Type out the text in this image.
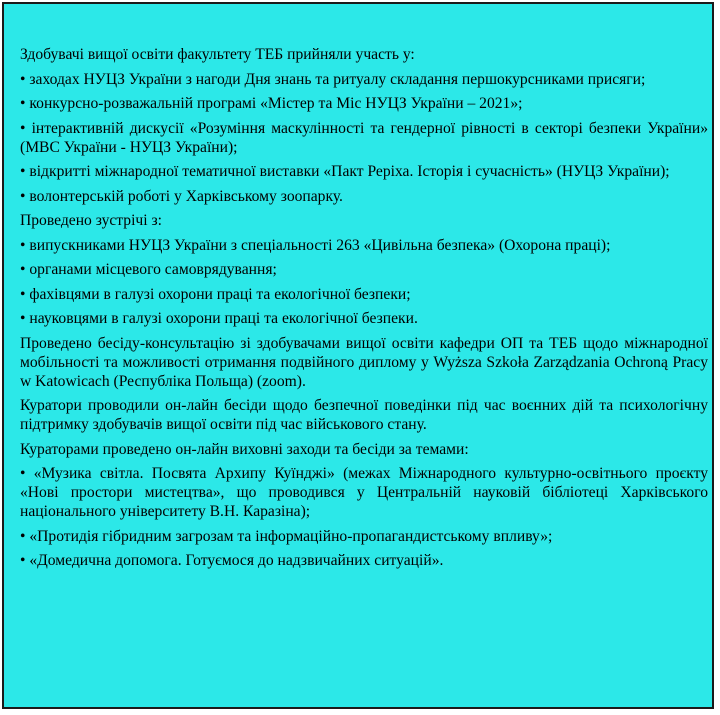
Здобувачі вищої освіти факультету ТЕБ прийняли участь у:

• заходах НУЦЗ України з нагоди Дня знань та ритуалу складання першокурсниками присяги;

• конкурсно-розважальній програмі «Містер та Міс НУЦЗ України – 2021»;

• інтерактивній дискусії «Розуміння маскулінності та гендерної рівності в секторі безпеки України» (МВС України - НУЦЗ України);

• відкритті міжнародної тематичної виставки «Пакт Реріха. Історія і сучасність» (НУЦЗ України);

• волонтерській роботі у Харківському зоопарку.

Проведено зустрічі з:

• випускниками НУЦЗ України з спеціальності 263 «Цивільна безпека» (Охорона праці);

• органами місцевого самоврядування;

• фахівцями в галузі охорони праці та екологічної безпеки;

• науковцями в галузі охорони праці та екологічної безпеки.

Проведено бесіду-консультацію зі здобувачами вищої освіти кафедри ОП та ТЕБ щодо міжнародної мобільності та можливості отримання подвійного диплому у Wyższa Szkoła Zarządzania Ochroną Pracy w Katowicach (Республіка Польща) (zoom).

Куратори проводили он-лайн бесіди щодо безпечної поведінки під час воєнних дій та психологічну підтримку здобувачів вищої освіти під час військового стану.

Кураторами проведено он-лайн виховні заходи та бесіди за темами:

• «Музика світла. Посвята Архипу Куїнджі» (межах Міжнародного культурно-освітнього проєкту «Нові простори мистецтва», що проводився у Центральній науковій бібліотеці Харківського національного університету В.Н. Каразіна);

• «Протидія гібридним загрозам та інформаційно-пропагандистському впливу»;

• «Домедична допомога. Готуємося до надзвичайних ситуацій».
